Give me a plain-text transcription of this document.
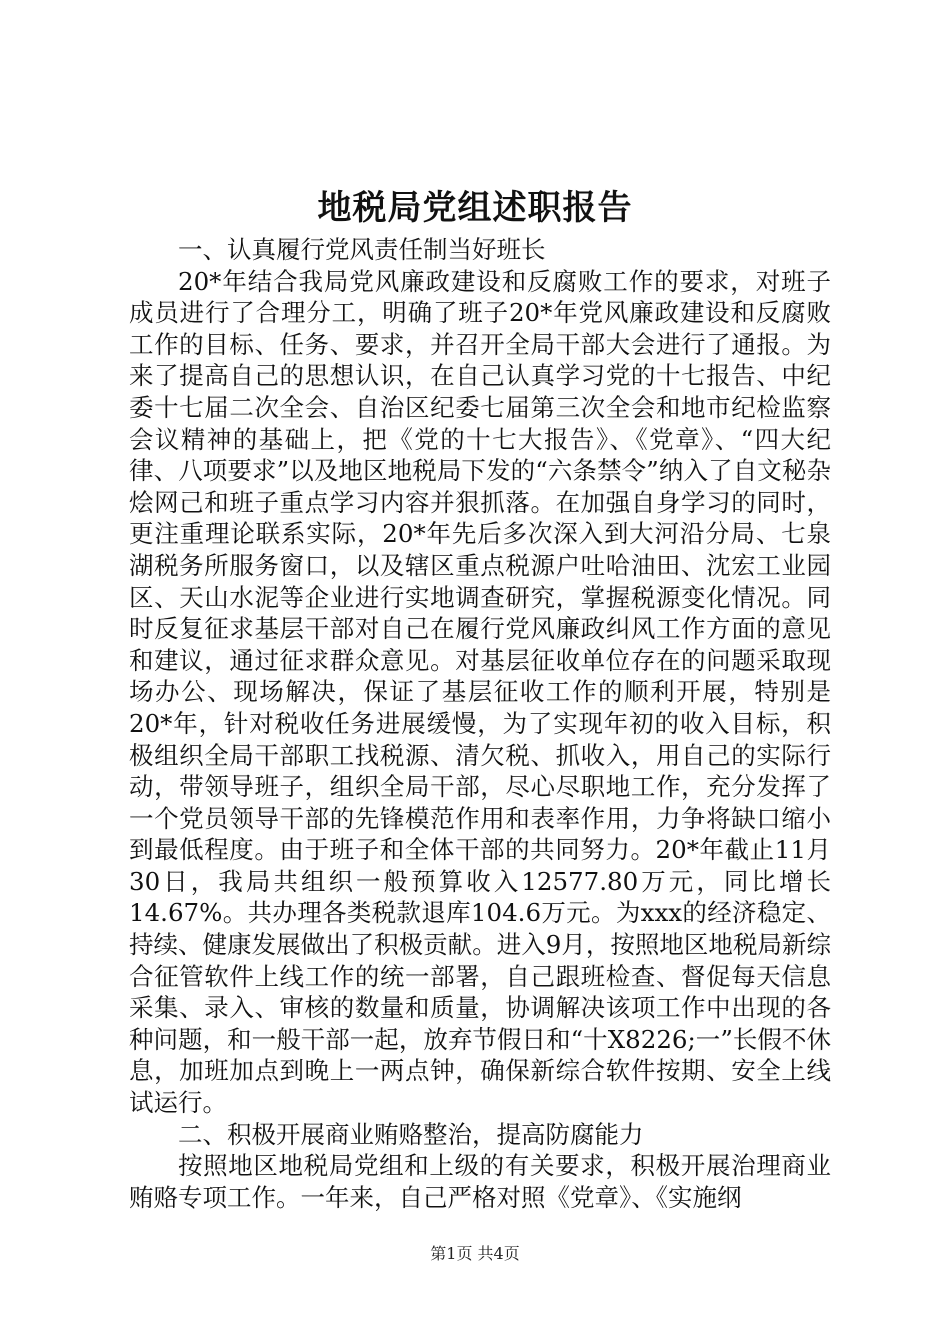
地税局党组述职报告

一、认真履行党风责任制当好班长

20*年结合我局党风廉政建设和反腐败工作的要求，对班子成员进行了合理分工，明确了班子20*年党风廉政建设和反腐败工作的目标、任务、要求，并召开全局干部大会进行了通报。为来了提高自己的思想认识，在自己认真学习党的十七报告、中纪委十七届二次全会、自治区纪委七届第三次全会和地市纪检监察会议精神的基础上，把《党的十七大报告》、《党章》、“四大纪律、八项要求”以及地区地税局下发的“六条禁令”纳入了自文秘杂烩网己和班子重点学习内容并狠抓落。在加强自身学习的同时，更注重理论联系实际，20*年先后多次深入到大河沿分局、七泉湖税务所服务窗口，以及辖区重点税源户吐哈油田、沈宏工业园区、天山水泥等企业进行实地调查研究，掌握税源变化情况。同时反复征求基层干部对自己在履行党风廉政纠风工作方面的意见和建议，通过征求群众意见。对基层征收单位存在的问题采取现场办公、现场解决，保证了基层征收工作的顺利开展，特别是20*年，针对税收任务进展缓慢，为了实现年初的收入目标，积极组织全局干部职工找税源、清欠税、抓收入，用自己的实际行动，带领导班子，组织全局干部，尽心尽职地工作，充分发挥了一个党员领导干部的先锋模范作用和表率作用，力争将缺口缩小到最低程度。由于班子和全体干部的共同努力。20*年截止11月30日，我局共组织一般预算收入12577.80万元，同比增长14.67%。共办理各类税款退库104.6万元。为xxx的经济稳定、持续、健康发展做出了积极贡献。进入9月，按照地区地税局新综合征管软件上线工作的统一部署，自己跟班检查、督促每天信息采集、录入、审核的数量和质量，协调解决该项工作中出现的各种问题，和一般干部一起，放弃节假日和“十X8226;一”长假不休息，加班加点到晚上一两点钟，确保新综合软件按期、安全上线试运行。

二、积极开展商业贿赂整治，提高防腐能力

按照地区地税局党组和上级的有关要求，积极开展治理商业贿赂专项工作。一年来，自己严格对照《党章》、《实施纲

第1页 共4页
